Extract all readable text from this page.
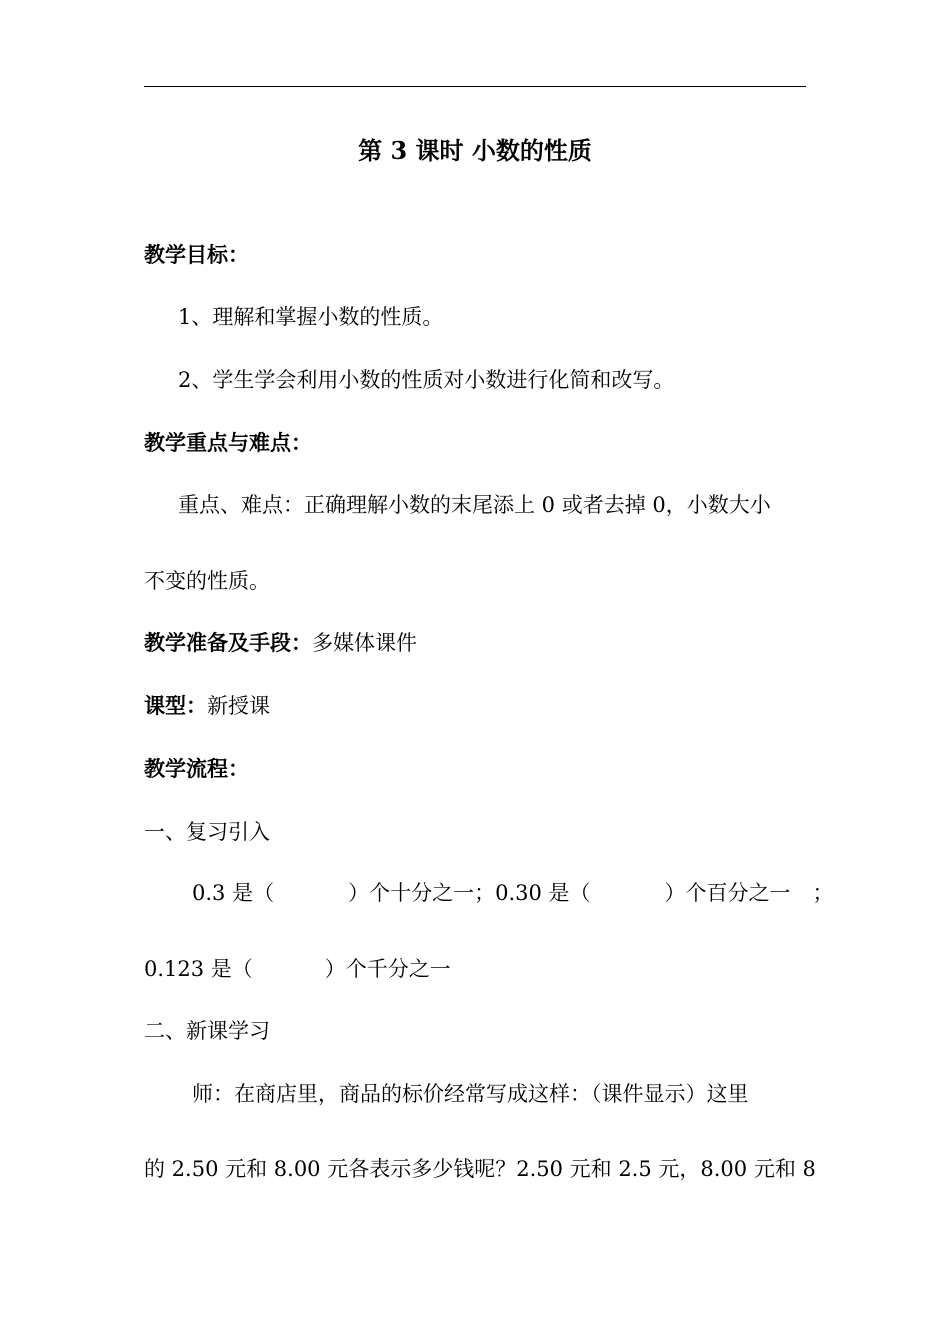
第 3 课时 小数的性质
教学目标：
1、理解和掌握小数的性质。
2、学生学会利用小数的性质对小数进行化简和改写。
教学重点与难点：
重点、难点：正确理解小数的末尾添上 0 或者去掉 0，小数大小
不变的性质。
教学准备及手段：多媒体课件
课型：新授课
教学流程：
一、复习引入
0.3 是（	）个十分之一；0.30 是（	）个百分之一 ；
0.123 是（	）个千分之一
二、新课学习
师：在商店里，商品的标价经常写成这样：（课件显示）这里
的 2.50 元和 8.00 元各表示多少钱呢？2.50 元和 2.5 元，8.00 元和 8
